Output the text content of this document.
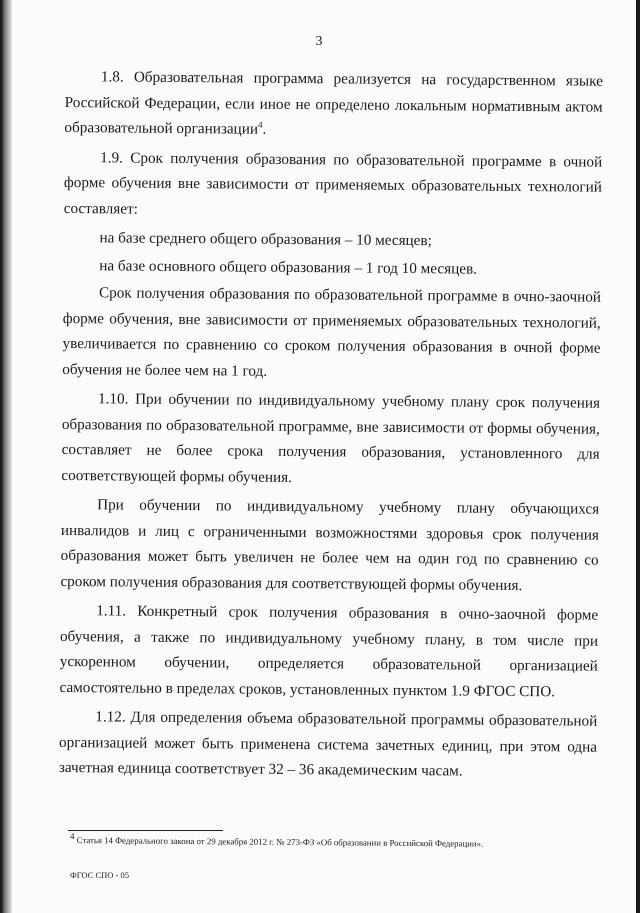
3

1.8. Образовательная программа реализуется на государственном языке Российской Федерации, если иное не определено локальным нормативным актом образовательной организации$^4$.

1.9. Срок получения образования по образовательной программе в очной форме обучения вне зависимости от применяемых образовательных технологий составляет:

на базе среднего общего образования – 10 месяцев;

на базе основного общего образования – 1 год 10 месяцев.

Срок получения образования по образовательной программе в очно-заочной форме обучения, вне зависимости от применяемых образовательных технологий, увеличивается по сравнению со сроком получения образования в очной форме обучения не более чем на 1 год.

1.10. При обучении по индивидуальному учебному плану срок получения образования по образовательной программе, вне зависимости от формы обучения, составляет не более срока получения образования, установленного для соответствующей формы обучения.

При обучении по индивидуальному учебному плану обучающихся инвалидов и лиц с ограниченными возможностями здоровья срок получения образования может быть увеличен не более чем на один год по сравнению со сроком получения образования для соответствующей формы обучения.

1.11. Конкретный срок получения образования в очно-заочной форме обучения, а также по индивидуальному учебному плану, в том числе при ускоренном обучении, определяется образовательной организацией самостоятельно в пределах сроков, установленных пунктом 1.9 ФГОС СПО.

1.12. Для определения объема образовательной программы образовательной организацией может быть применена система зачетных единиц, при этом одна зачетная единица соответствует 32 – 36 академическим часам.

$^4$ Статья 14 Федерального закона от 29 декабря 2012 г. № 273-ФЗ «Об образовании в Российской Федерации».
ФГОС СПО - 05
